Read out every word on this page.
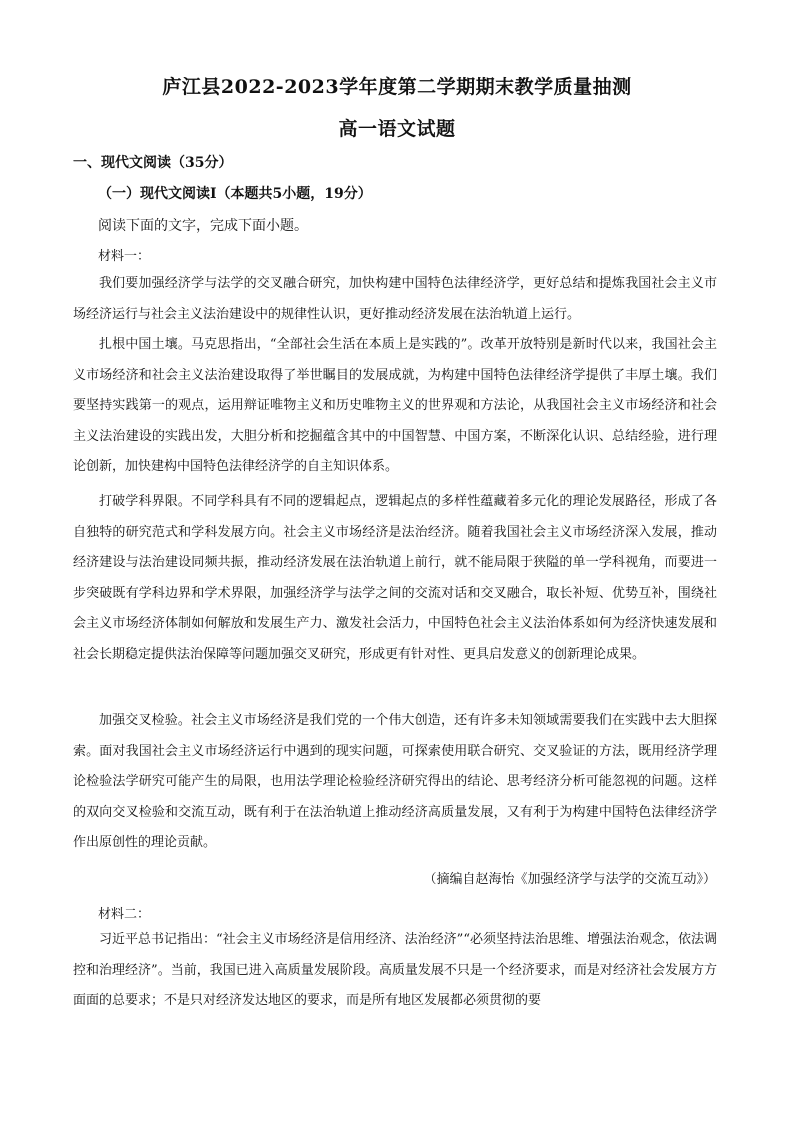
庐江县2022-2023学年度第二学期期末教学质量抽测
高一语文试题
一、现代文阅读（35分）
（一）现代文阅读Ⅰ（本题共5小题，19分）
阅读下面的文字，完成下面小题。
材料一：

我们要加强经济学与法学的交叉融合研究，加快构建中国特色法律经济学，更好总结和提炼我国社会主义市场经济运行与社会主义法治建设中的规律性认识，更好推动经济发展在法治轨道上运行。

扎根中国土壤。马克思指出，“全部社会生活在本质上是实践的”。改革开放特别是新时代以来，我国社会主义市场经济和社会主义法治建设取得了举世瞩目的发展成就，为构建中国特色法律经济学提供了丰厚土壤。我们要坚持实践第一的观点，运用辩证唯物主义和历史唯物主义的世界观和方法论，从我国社会主义市场经济和社会主义法治建设的实践出发，大胆分析和挖掘蕴含其中的中国智慧、中国方案，不断深化认识、总结经验，进行理论创新，加快建构中国特色法律经济学的自主知识体系。

打破学科界限。不同学科具有不同的逻辑起点，逻辑起点的多样性蕴藏着多元化的理论发展路径，形成了各自独特的研究范式和学科发展方向。社会主义市场经济是法治经济。随着我国社会主义市场经济深入发展，推动经济建设与法治建设同频共振，推动经济发展在法治轨道上前行，就不能局限于狭隘的单一学科视角，而要进一步突破既有学科边界和学术界限，加强经济学与法学之间的交流对话和交叉融合，取长补短、优势互补，围绕社会主义市场经济体制如何解放和发展生产力、激发社会活力，中国特色社会主义法治体系如何为经济快速发展和社会长期稳定提供法治保障等问题加强交叉研究，形成更有针对性、更具启发意义的创新理论成果。

加强交叉检验。社会主义市场经济是我们党的一个伟大创造，还有许多未知领域需要我们在实践中去大胆探索。面对我国社会主义市场经济运行中遇到的现实问题，可探索使用联合研究、交叉验证的方法，既用经济学理论检验法学研究可能产生的局限，也用法学理论检验经济研究得出的结论、思考经济分析可能忽视的问题。这样的双向交叉检验和交流互动，既有利于在法治轨道上推动经济高质量发展，又有利于为构建中国特色法律经济学作出原创性的理论贡献。

（摘编自赵海怡《加强经济学与法学的交流互动》）
材料二：

习近平总书记指出：“社会主义市场经济是信用经济、法治经济”“必须坚持法治思维、增强法治观念，依法调控和治理经济”。当前，我国已进入高质量发展阶段。高质量发展不只是一个经济要求，而是对经济社会发展方方面面的总要求；不是只对经济发达地区的要求，而是所有地区发展都必须贯彻的要
